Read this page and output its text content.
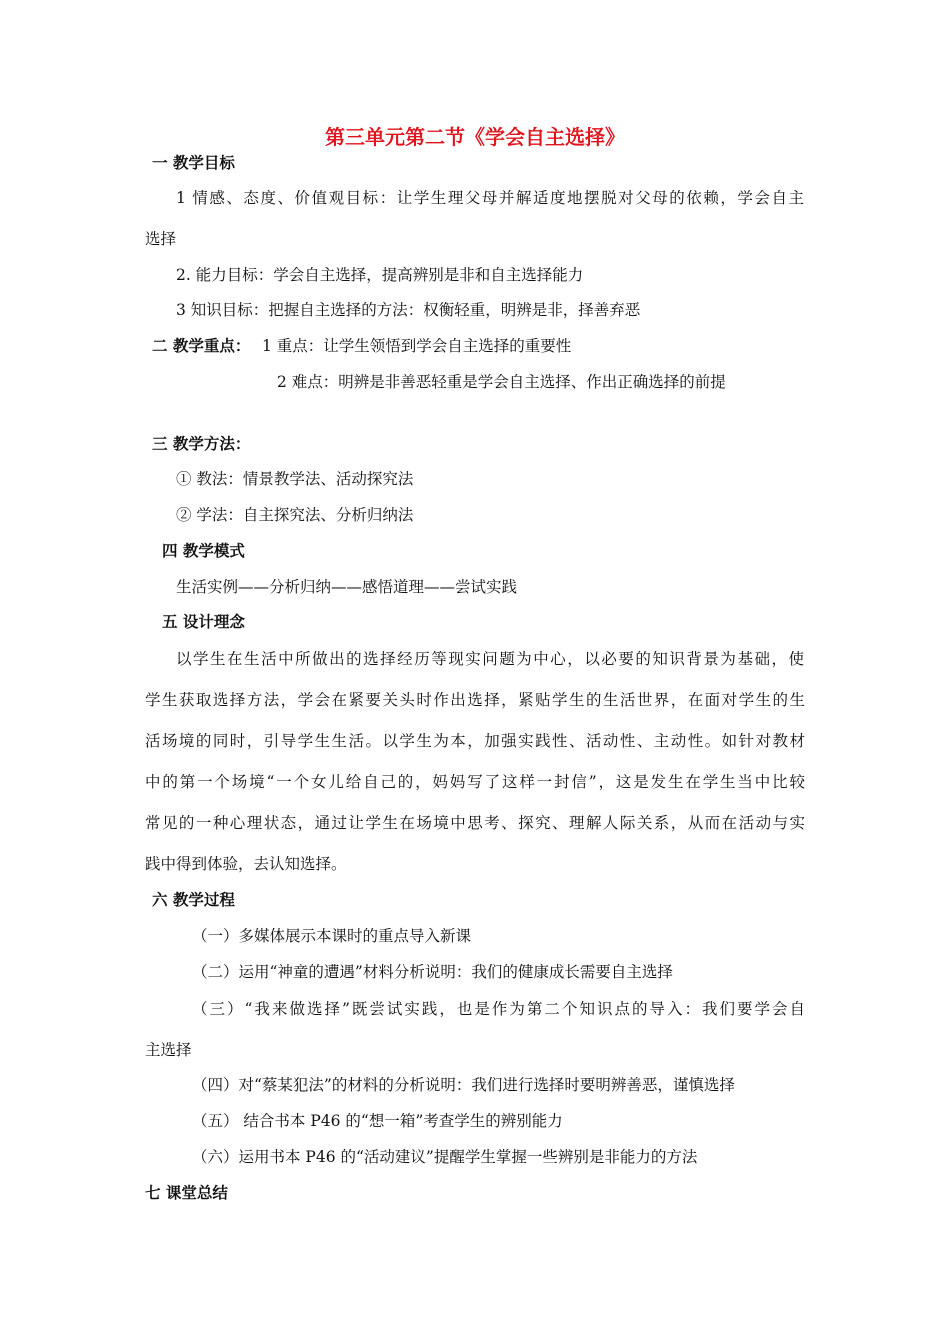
第三单元第二节《学会自主选择》
一 教学目标
1 情感、态度、价值观目标：让学生理父母并解适度地摆脱对父母的依赖，学会自主
选择
2. 能力目标：学会自主选择，提高辨别是非和自主选择能力
3 知识目标：把握自主选择的方法：权衡轻重，明辨是非，择善弃恶
二 教学重点： 1 重点：让学生领悟到学会自主选择的重要性
2 难点：明辨是非善恶轻重是学会自主选择、作出正确选择的前提
三 教学方法：
① 教法：情景教学法、活动探究法
② 学法：自主探究法、分析归纳法
四 教学模式
生活实例——分析归纳——感悟道理——尝试实践
五 设计理念
以学生在生活中所做出的选择经历等现实问题为中心，以必要的知识背景为基础，使
学生获取选择方法，学会在紧要关头时作出选择，紧贴学生的生活世界，在面对学生的生
活场境的同时，引导学生生活。以学生为本，加强实践性、活动性、主动性。如针对教材
中的第一个场境“一个女儿给自己的，妈妈写了这样一封信”，这是发生在学生当中比较
常见的一种心理状态，通过让学生在场境中思考、探究、理解人际关系，从而在活动与实
践中得到体验，去认知选择。
六 教学过程
（一）多媒体展示本课时的重点导入新课
（二）运用“神童的遭遇”材料分析说明：我们的健康成长需要自主选择
（三）“我来做选择”既尝试实践，也是作为第二个知识点的导入：我们要学会自
主选择
（四）对“蔡某犯法”的材料的分析说明：我们进行选择时要明辨善恶，谨慎选择
（五） 结合书本 P46 的“想一箱”考查学生的辨别能力
（六）运用书本 P46 的“活动建议”提醒学生掌握一些辨别是非能力的方法
七 课堂总结
